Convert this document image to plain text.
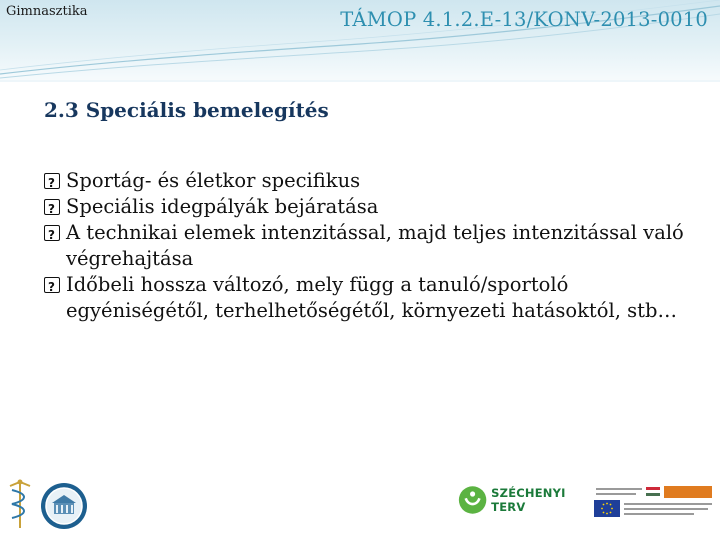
Gimnasztika	TÁMOP 4.1.2.E-13/KONV-2013-0010
2.3 Speciális bemelegítés
?
Sportág- és életkor specifikus
?
Speciális idegpályák bejáratása
?
A technikai elemek intenzitással, majd teljes intenzitással való végrehajtása
?
Időbeli hossza változó, mely függ a tanuló/sportoló egyéniségétől, terhelhetőségétől, környezeti hatásoktól, stb…
SZÉCHENYI TERV
